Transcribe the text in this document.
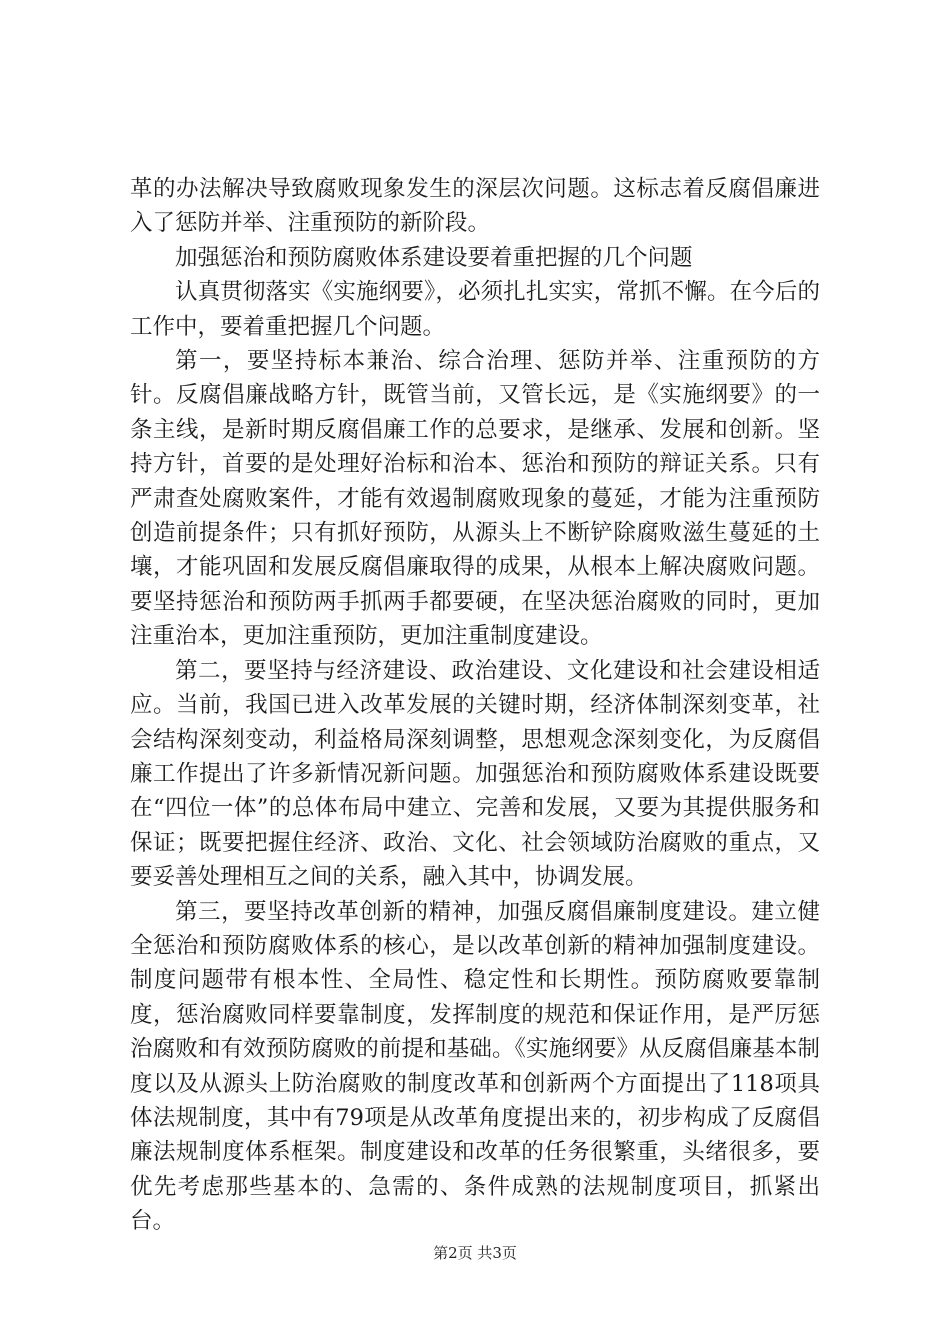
革的办法解决导致腐败现象发生的深层次问题。这标志着反腐倡廉进入了惩防并举、注重预防的新阶段。

加强惩治和预防腐败体系建设要着重把握的几个问题

认真贯彻落实《实施纲要》，必须扎扎实实，常抓不懈。在今后的工作中，要着重把握几个问题。

第一，要坚持标本兼治、综合治理、惩防并举、注重预防的方针。反腐倡廉战略方针，既管当前，又管长远，是《实施纲要》的一条主线，是新时期反腐倡廉工作的总要求，是继承、发展和创新。坚持方针，首要的是处理好治标和治本、惩治和预防的辩证关系。只有严肃查处腐败案件，才能有效遏制腐败现象的蔓延，才能为注重预防创造前提条件；只有抓好预防，从源头上不断铲除腐败滋生蔓延的土壤，才能巩固和发展反腐倡廉取得的成果，从根本上解决腐败问题。要坚持惩治和预防两手抓两手都要硬，在坚决惩治腐败的同时，更加注重治本，更加注重预防，更加注重制度建设。

第二，要坚持与经济建设、政治建设、文化建设和社会建设相适应。当前，我国已进入改革发展的关键时期，经济体制深刻变革，社会结构深刻变动，利益格局深刻调整，思想观念深刻变化，为反腐倡廉工作提出了许多新情况新问题。加强惩治和预防腐败体系建设既要在“四位一体”的总体布局中建立、完善和发展，又要为其提供服务和保证；既要把握住经济、政治、文化、社会领域防治腐败的重点，又要妥善处理相互之间的关系，融入其中，协调发展。

第三，要坚持改革创新的精神，加强反腐倡廉制度建设。建立健全惩治和预防腐败体系的核心，是以改革创新的精神加强制度建设。制度问题带有根本性、全局性、稳定性和长期性。预防腐败要靠制度，惩治腐败同样要靠制度，发挥制度的规范和保证作用，是严厉惩治腐败和有效预防腐败的前提和基础。《实施纲要》从反腐倡廉基本制度以及从源头上防治腐败的制度改革和创新两个方面提出了118项具体法规制度，其中有79项是从改革角度提出来的，初步构成了反腐倡廉法规制度体系框架。制度建设和改革的任务很繁重，头绪很多，要优先考虑那些基本的、急需的、条件成熟的法规制度项目，抓紧出台。

第2页 共3页
